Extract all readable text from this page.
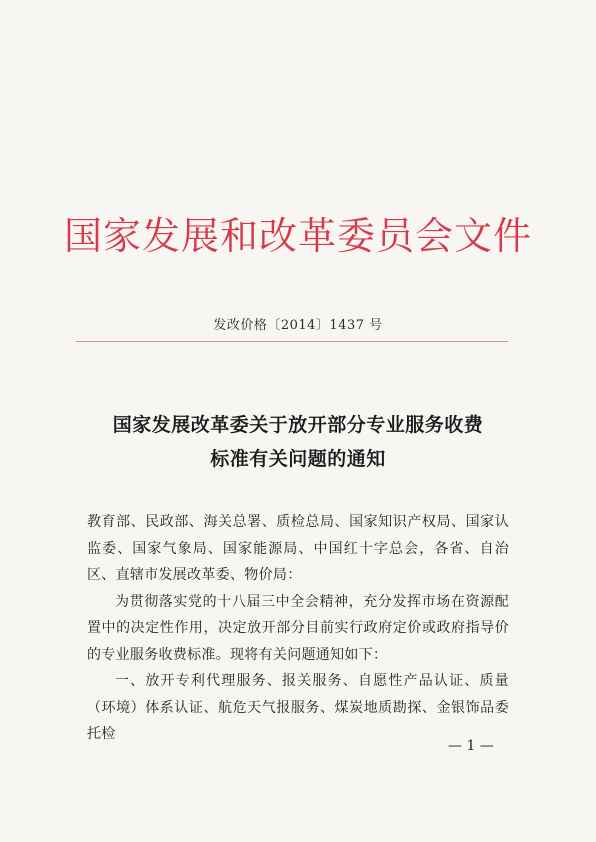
国家发展和改革委员会文件
发改价格〔2014〕1437 号
国家发展改革委关于放开部分专业服务收费
标准有关问题的通知

教育部、民政部、海关总署、质检总局、国家知识产权局、国家认监委、国家气象局、国家能源局、中国红十字总会，各省、自治区、直辖市发展改革委、物价局：

为贯彻落实党的十八届三中全会精神，充分发挥市场在资源配置中的决定性作用，决定放开部分目前实行政府定价或政府指导价的专业服务收费标准。现将有关问题通知如下：

一、放开专利代理服务、报关服务、自愿性产品认证、质量（环境）体系认证、航危天气报服务、煤炭地质勘探、金银饰品委托检

— 1 —
